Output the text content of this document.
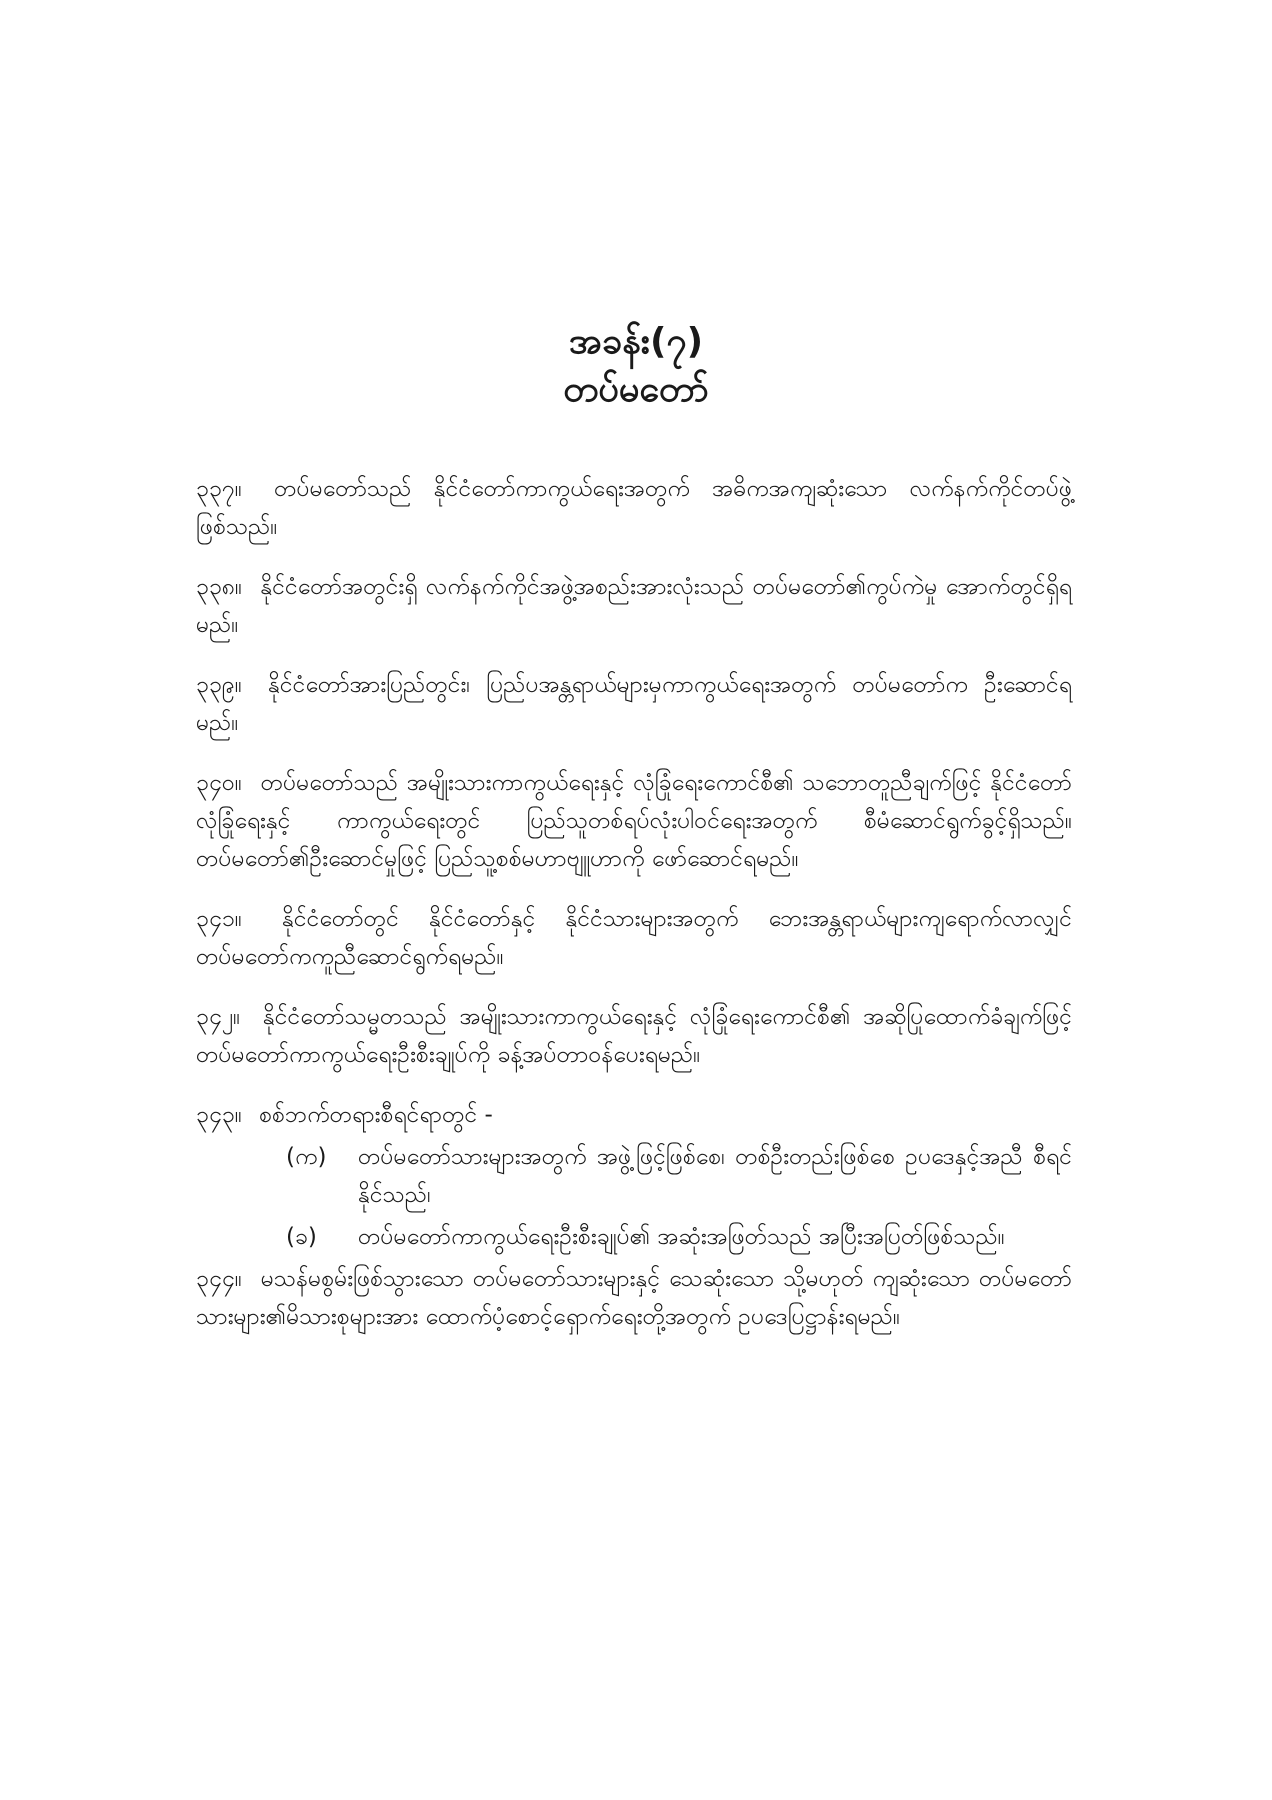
အခန်း(၇)
တပ်မတော်

၃၃၇။ တပ်မတော်သည် နိုင်ငံတော်ကာကွယ်ရေးအတွက် အဓိကအကျဆုံးသော လက်နက်ကိုင်တပ်ဖွဲ့ ဖြစ်သည်။

၃၃၈။ နိုင်ငံတော်အတွင်းရှိ လက်နက်ကိုင်အဖွဲ့အစည်းအားလုံးသည် တပ်မတော်၏ကွပ်ကဲမှု အောက်တွင်ရှိရမည်။

၃၃၉။ နိုင်ငံတော်အားပြည်တွင်း၊ ပြည်ပအန္တရာယ်များမှကာကွယ်ရေးအတွက် တပ်မတော်က ဦးဆောင်ရမည်။

၃၄၀။ တပ်မတော်သည် အမျိုးသားကာကွယ်ရေးနှင့် လုံခြုံရေးကောင်စီ၏ သဘောတူညီချက်ဖြင့် နိုင်ငံတော်လုံခြုံရေးနှင့် ကာကွယ်ရေးတွင် ပြည်သူတစ်ရပ်လုံးပါဝင်ရေးအတွက် စီမံဆောင်ရွက်ခွင့်ရှိသည်။ တပ်မတော်၏ဦးဆောင်မှုဖြင့် ပြည်သူ့စစ်မဟာဗျူဟာကို ဖော်ဆောင်ရမည်။

၃၄၁။ နိုင်ငံတော်တွင် နိုင်ငံတော်နှင့် နိုင်ငံသားများအတွက် ဘေးအန္တရာယ်များကျရောက်လာလျှင် တပ်မတော်ကကူညီဆောင်ရွက်ရမည်။

၃၄၂။ နိုင်ငံတော်သမ္မတသည် အမျိုးသားကာကွယ်ရေးနှင့် လုံခြုံရေးကောင်စီ၏ အဆိုပြုထောက်ခံချက်ဖြင့် တပ်မတော်ကာကွယ်ရေးဦးစီးချုပ်ကို ခန့်အပ်တာဝန်ပေးရမည်။

၃၄၃။ စစ်ဘက်တရားစီရင်ရာတွင် -

(က)	တပ်မတော်သားများအတွက် အဖွဲ့ဖြင့်ဖြစ်စေ၊ တစ်ဦးတည်းဖြစ်စေ ဥပဒေနှင့်အညီ စီရင်နိုင်သည်၊
(ခ)	တပ်မတော်ကာကွယ်ရေးဦးစီးချုပ်၏ အဆုံးအဖြတ်သည် အပြီးအပြတ်ဖြစ်သည်။

၃၄၄။ မသန်မစွမ်းဖြစ်သွားသော တပ်မတော်သားများနှင့် သေဆုံးသော သို့မဟုတ် ကျဆုံးသော တပ်မတော်သားများ၏မိသားစုများအား ထောက်ပံ့စောင့်ရှောက်ရေးတို့အတွက် ဥပဒေပြဋ္ဌာန်းရမည်။
